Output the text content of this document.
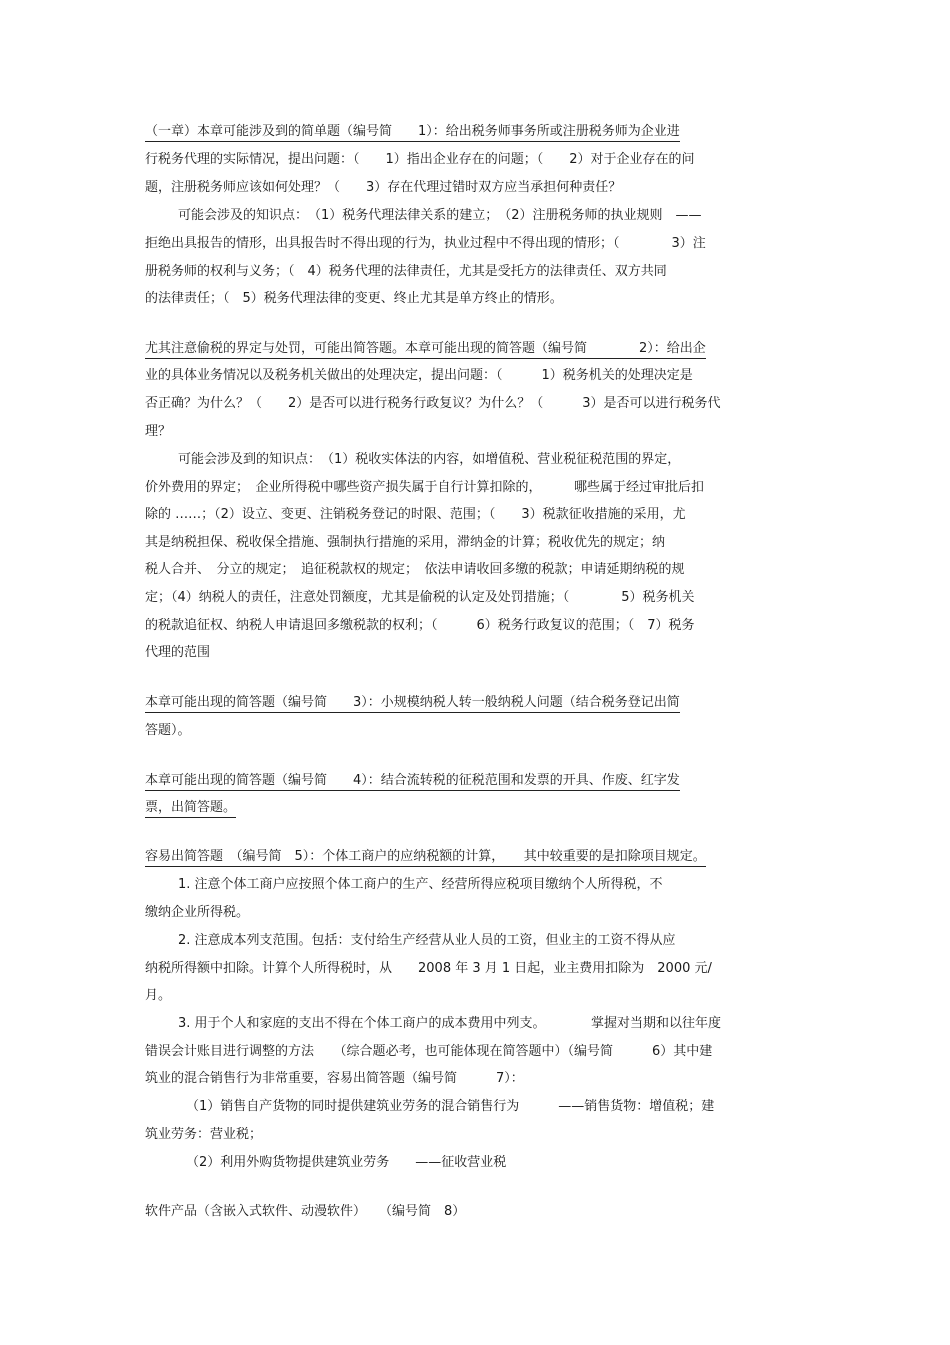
（一章）本章可能涉及到的简单题（编号简　　1）：给出税务师事务所或注册税务师为企业进
行税务代理的实际情况，提出问题：（　　1）指出企业存在的问题；（　　2）对于企业存在的问
题，注册税务师应该如何处理？（　　3）存在代理过错时双方应当承担何种责任？
可能会涉及的知识点：　（1）税务代理法律关系的建立；　（2）注册税务师的执业规则　——
拒绝出具报告的情形，出具报告时不得出现的行为，执业过程中不得出现的情形；（　　　　3）注
册税务师的权利与义务；（　4）税务代理的法律责任，尤其是受托方的法律责任、双方共同
的法律责任；（　5）税务代理法律的变更、终止尤其是单方终止的情形。
尤其注意偷税的界定与处罚，可能出简答题。本章可能出现的简答题（编号简　　　　2）：给出企
业的具体业务情况以及税务机关做出的处理决定，提出问题：（　　　1）税务机关的处理决定是
否正确？为什么？（　　2）是否可以进行税务行政复议？为什么？（　　　3）是否可以进行税务代
理？
可能会涉及到的知识点：　（1）税收实体法的内容，如增值税、营业税征税范围的界定，
价外费用的界定；　企业所得税中哪些资产损失属于自行计算扣除的，　　　哪些属于经过审批后扣
除的 ……；（2）设立、变更、注销税务登记的时限、范围；（　　3）税款征收措施的采用，尤
其是纳税担保、税收保全措施、强制执行措施的采用，滞纳金的计算；税收优先的规定；纳
税人合并、　分立的规定；　追征税款权的规定；　依法申请收回多缴的税款；申请延期纳税的规
定；（4）纳税人的责任，注意处罚额度，尤其是偷税的认定及处罚措施；（　　　　5）税务机关
的税款追征权、纳税人申请退回多缴税款的权利；（　　　6）税务行政复议的范围；（　7）税务
代理的范围
本章可能出现的简答题（编号简　　3）：小规模纳税人转一般纳税人问题（结合税务登记出简
答题）。
本章可能出现的简答题（编号简　　4）：结合流转税的征税范围和发票的开具、作废、红字发
票，出简答题。
容易出简答题　（编号简　5）：个体工商户的应纳税额的计算，　　其中较重要的是扣除项目规定。
1. 注意个体工商户应按照个体工商户的生产、经营所得应税项目缴纳个人所得税，不
缴纳企业所得税。
2. 注意成本列支范围。包括：支付给生产经营从业人员的工资，但业主的工资不得从应
纳税所得额中扣除。计算个人所得税时，从　　2008 年 3 月 1 日起，业主费用扣除为　2000 元/
月。
3. 用于个人和家庭的支出不得在个体工商户的成本费用中列支。　　　　掌握对当期和以往年度
错误会计账目进行调整的方法　　（综合题必考，也可能体现在简答题中）（编号简　　　6）其中建
筑业的混合销售行为非常重要，容易出简答题（编号简　　　7）：
（1）销售自产货物的同时提供建筑业劳务的混合销售行为　　　——销售货物：增值税；建
筑业劳务：营业税；
（2）利用外购货物提供建筑业劳务　　——征收营业税
软件产品（含嵌入式软件、动漫软件）　　（编号简　8）
